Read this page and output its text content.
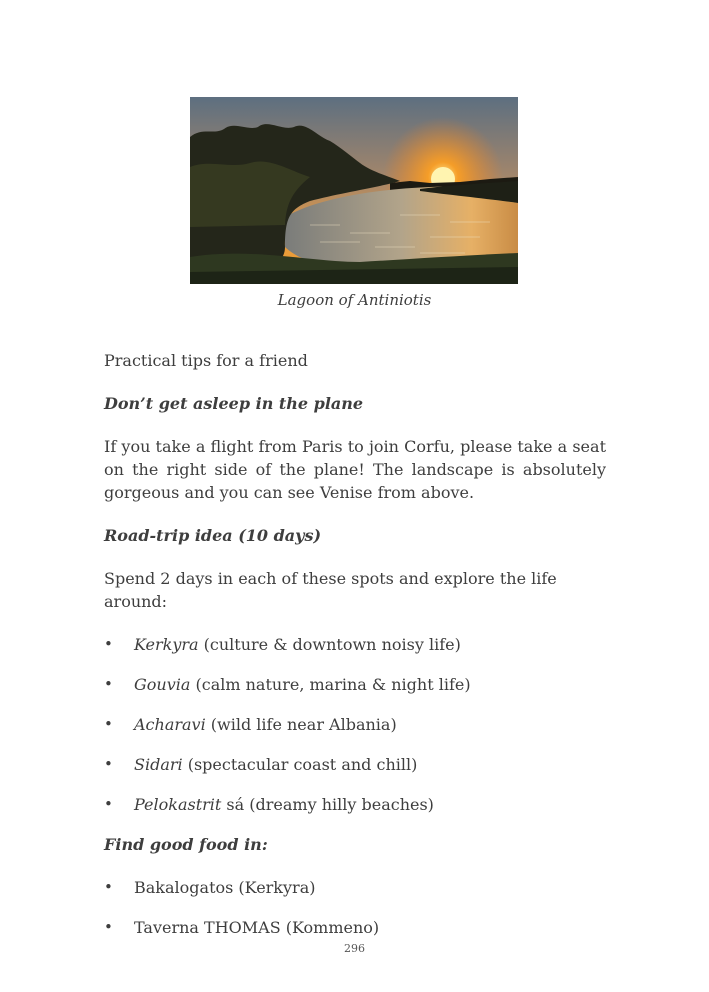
Lagoon of Antiniotis

Practical tips for a friend

Don’t get asleep in the plane

If you take a flight from Paris to join Corfu, please take a seat on the right side of the plane! The landscape is absolutely gorgeous and you can see Venise from above.

Road-trip idea (10 days)

Spend 2 days in each of these spots and explore the life around:

• Kerkyra (culture & downtown noisy life)
• Gouvia (calm nature, marina & night life)
• Acharavi (wild life near Albania)
• Sidari (spectacular coast and chill)
• Pelokastrit sá (dreamy hilly beaches)

Find good food in:

• Bakalogatos (Kerkyra)
• Taverna THOMAS (Kommeno)
296
